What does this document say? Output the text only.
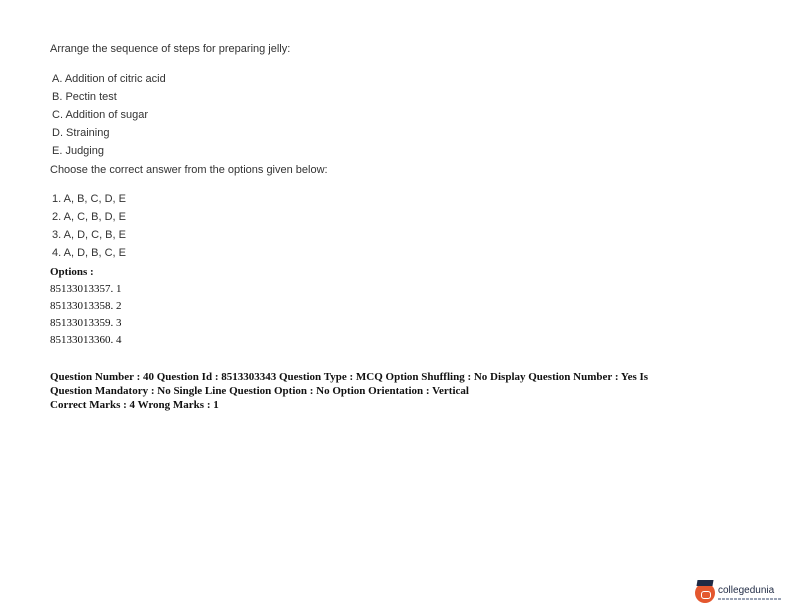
Arrange the sequence of steps for preparing jelly:
A. Addition of citric acid
B. Pectin test
C. Addition of sugar
D. Straining
E. Judging
Choose the correct answer from the options given below:
1. A, B, C, D, E
2. A, C, B, D, E
3. A, D, C, B, E
4. A, D, B, C, E
Options :
85133013357. 1
85133013358. 2
85133013359. 3
85133013360. 4
Question Number : 40 Question Id : 8513303343 Question Type : MCQ Option Shuffling : No Display Question Number : Yes Is
Question Mandatory : No Single Line Question Option : No Option Orientation : Vertical
Correct Marks : 4 Wrong Marks : 1
collegedunia
